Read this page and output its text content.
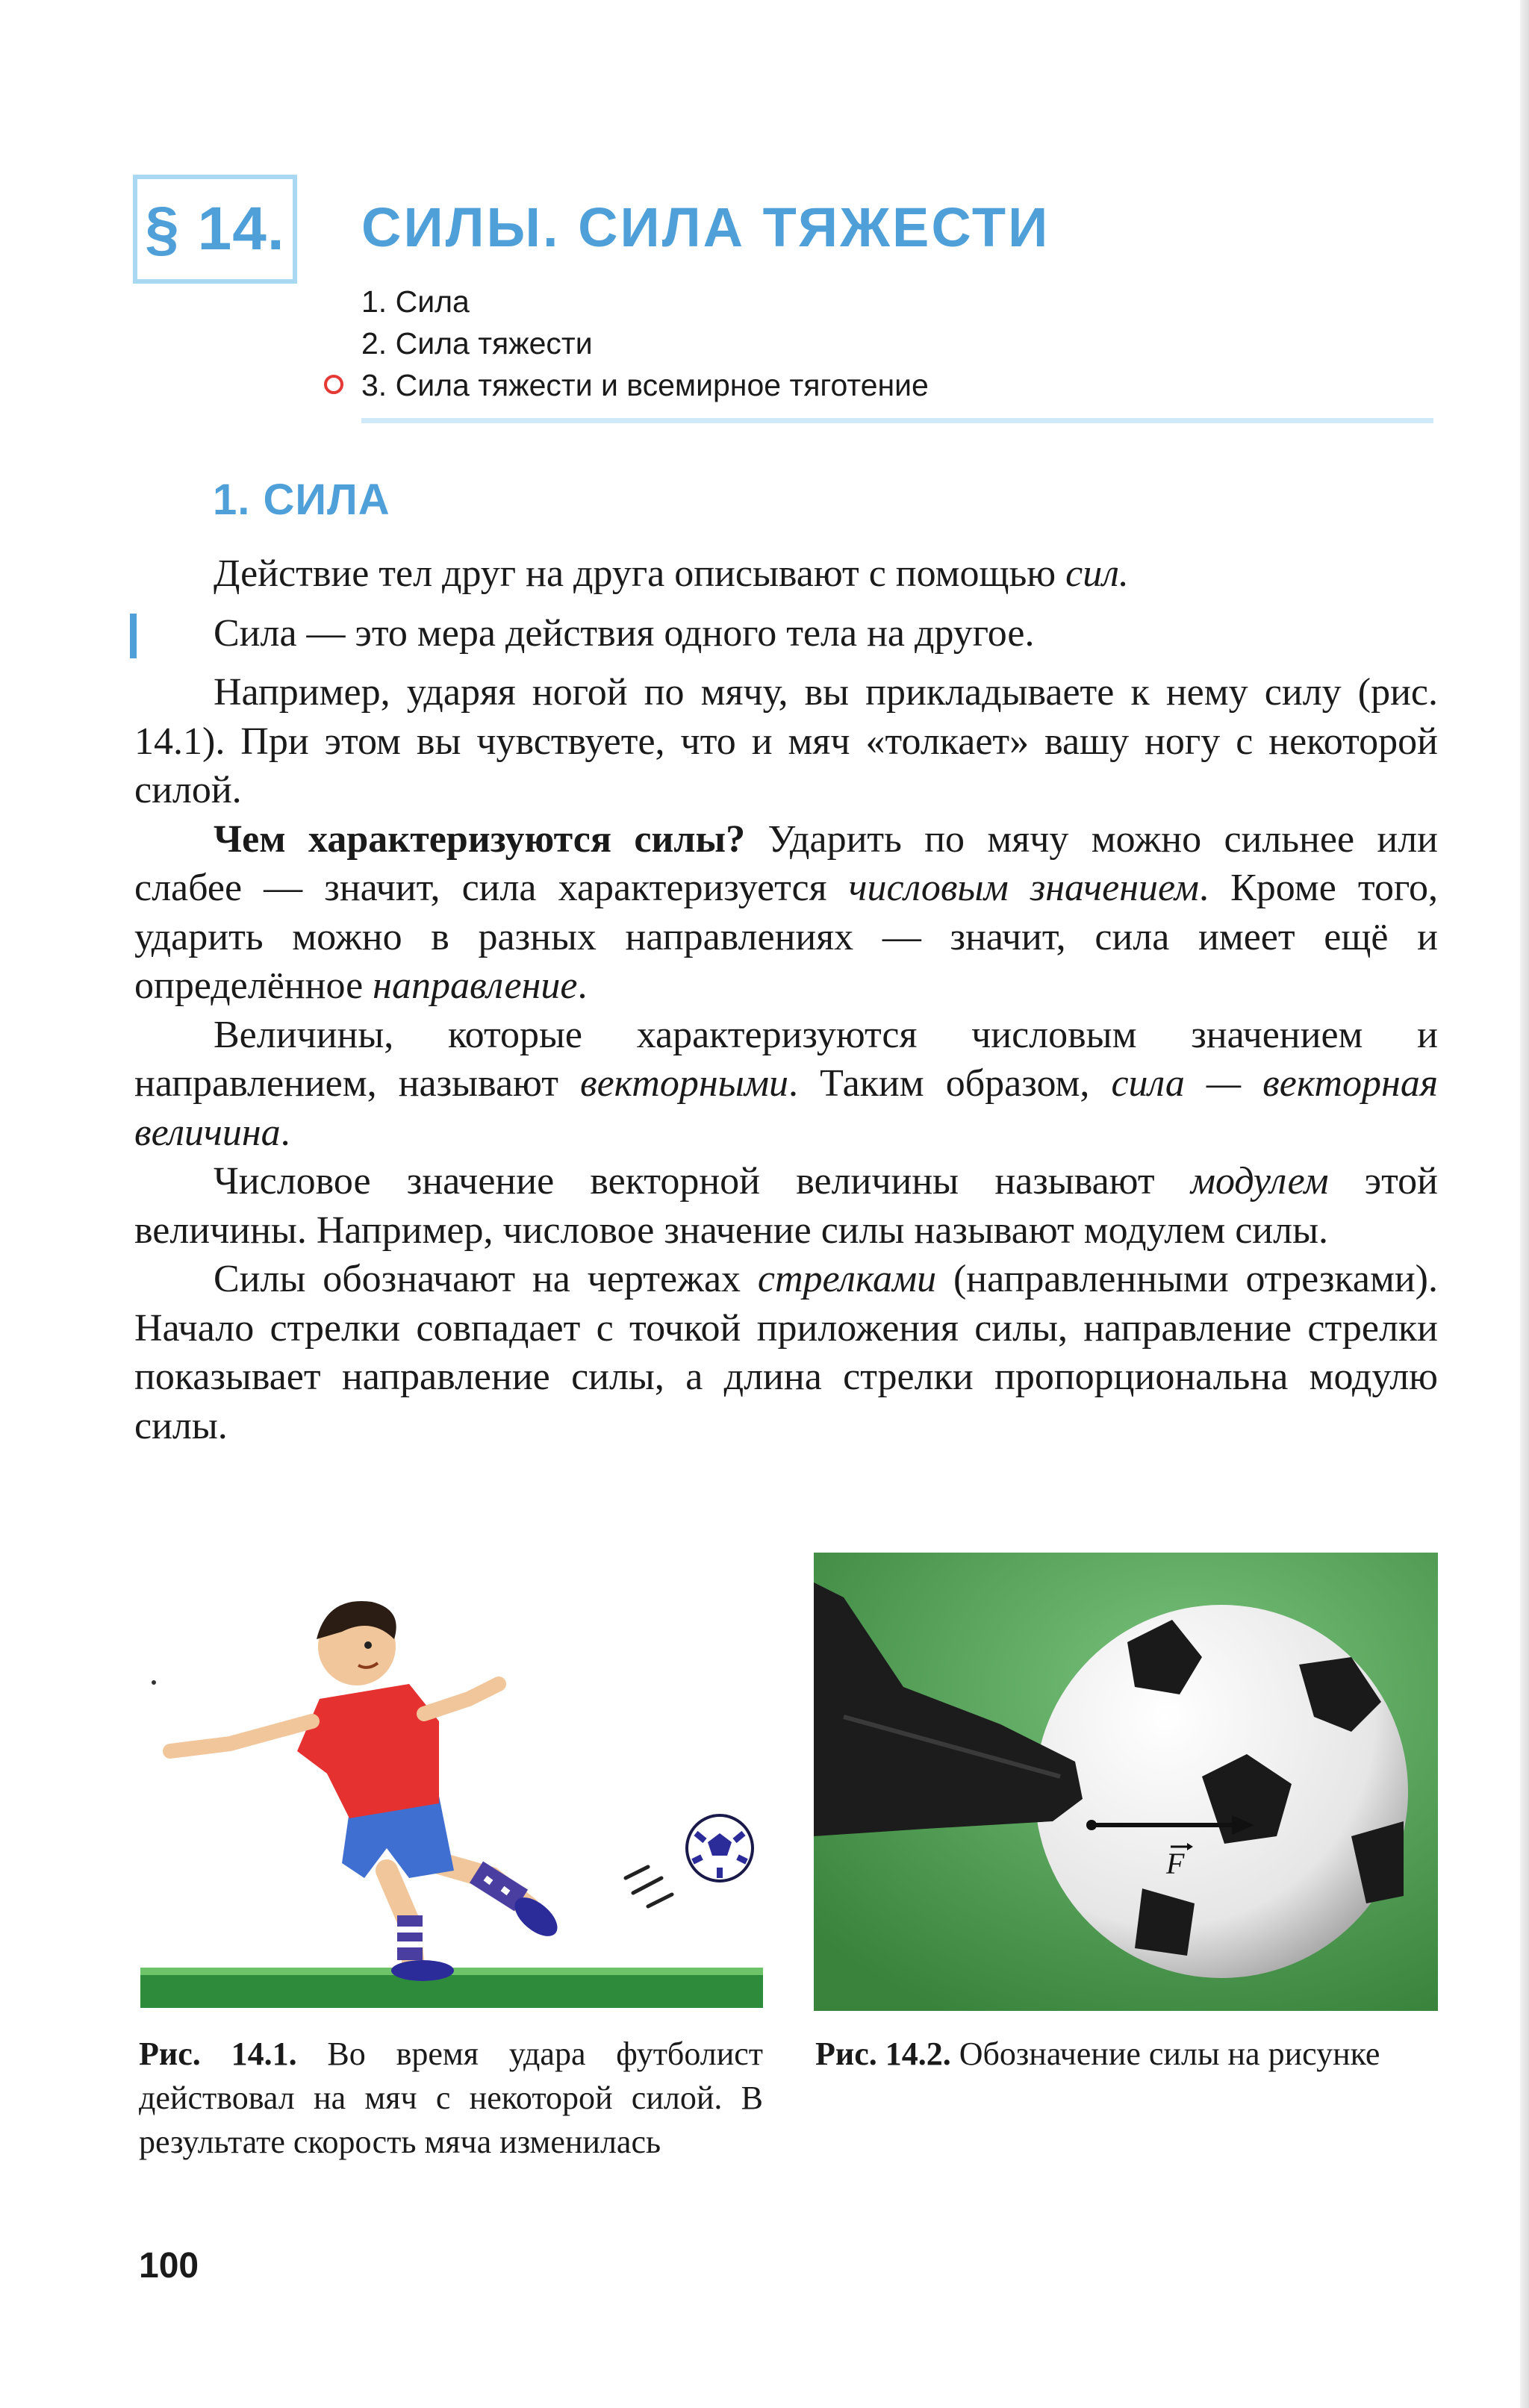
§ 14. СИЛЫ. СИЛА ТЯЖЕСТИ
1. Сила
2. Сила тяжести
3. Сила тяжести и всемирное тяготение
1. СИЛА

Действие тел друг на друга описывают с помощью сил.

Сила — это мера действия одного тела на другое.

Например, ударяя ногой по мячу, вы прикладываете к нему силу (рис. 14.1). При этом вы чувствуете, что и мяч «толкает» вашу ногу с некоторой силой.

Чем характеризуются силы? Ударить по мячу можно сильнее или слабее — значит, сила характеризуется числовым значением. Кроме того, ударить можно в разных направлениях — значит, сила имеет ещё и определённое направление.

Величины, которые характеризуются числовым значением и направлением, называют векторными. Таким образом, сила — векторная величина.

Числовое значение векторной величины называют модулем этой величины. Например, числовое значение силы называют модулем силы.

Силы обозначают на чертежах стрелками (направленными отрезками). Начало стрелки совпадает с точкой приложения силы, направление стрелки показывает направление силы, а длина стрелки пропорциональна модулю силы.

F
Рис. 14.1. Во время удара футболист действовал на мяч с некоторой силой. В результате скорость мяча изменилась
Рис. 14.2. Обозначение силы на рисунке
100
